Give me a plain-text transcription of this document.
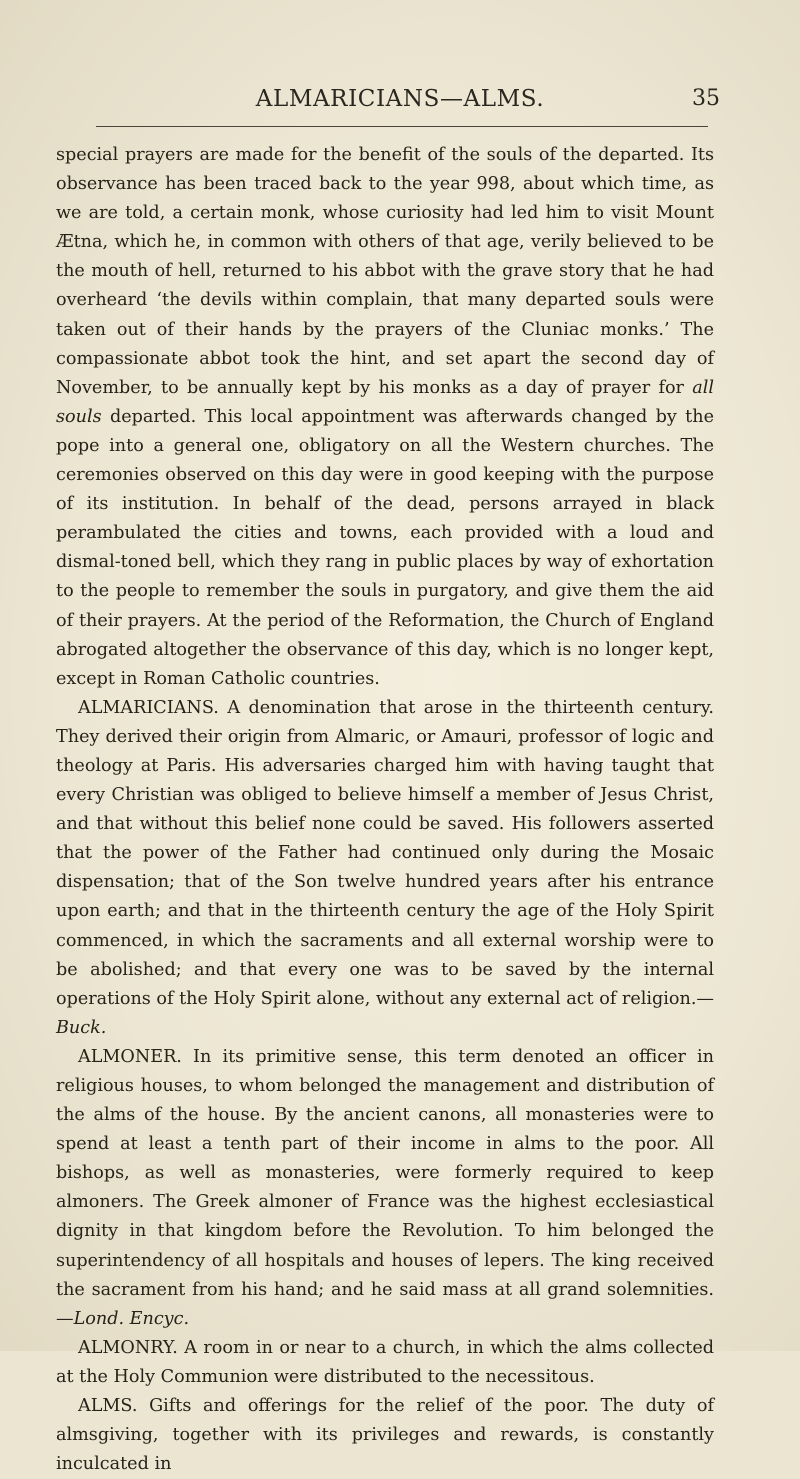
ALMARICIANS—ALMS.	35

special prayers are made for the benefit of the souls of the departed. Its observance has been traced back to the year 998, about which time, as we are told, a certain monk, whose curiosity had led him to visit Mount Ætna, which he, in common with others of that age, verily believed to be the mouth of hell, returned to his abbot with the grave story that he had overheard ‘the devils within complain, that many departed souls were taken out of their hands by the prayers of the Cluniac monks.’ The compassionate abbot took the hint, and set apart the second day of November, to be annually kept by his monks as a day of prayer for all souls departed. This local appointment was afterwards changed by the pope into a general one, obligatory on all the Western churches. The ceremonies observed on this day were in good keeping with the purpose of its institution. In behalf of the dead, persons arrayed in black perambulated the cities and towns, each provided with a loud and dismal-toned bell, which they rang in public places by way of exhortation to the people to remember the souls in purgatory, and give them the aid of their prayers. At the period of the Reformation, the Church of England abrogated altogether the observance of this day, which is no longer kept, except in Roman Catholic countries.

ALMARICIANS. A denomination that arose in the thirteenth century. They derived their origin from Almaric, or Amauri, professor of logic and theology at Paris. His adversaries charged him with having taught that every Christian was obliged to believe himself a member of Jesus Christ, and that without this belief none could be saved. His followers asserted that the power of the Father had continued only during the Mosaic dispensation; that of the Son twelve hundred years after his entrance upon earth; and that in the thirteenth century the age of the Holy Spirit commenced, in which the sacraments and all external worship were to be abolished; and that every one was to be saved by the internal operations of the Holy Spirit alone, without any external act of religion.—Buck.

ALMONER. In its primitive sense, this term denoted an officer in religious houses, to whom belonged the management and distribution of the alms of the house. By the ancient canons, all monasteries were to spend at least a tenth part of their income in alms to the poor. All bishops, as well as monasteries, were formerly required to keep almoners. The Greek almoner of France was the highest ecclesiastical dignity in that kingdom before the Revolution. To him belonged the superintendency of all hospitals and houses of lepers. The king received the sacrament from his hand; and he said mass at all grand solemnities.—Lond. Encyc.

ALMONRY. A room in or near to a church, in which the alms collected at the Holy Communion were distributed to the necessitous.

ALMS. Gifts and offerings for the relief of the poor. The duty of almsgiving, together with its privileges and rewards, is constantly inculcated in
